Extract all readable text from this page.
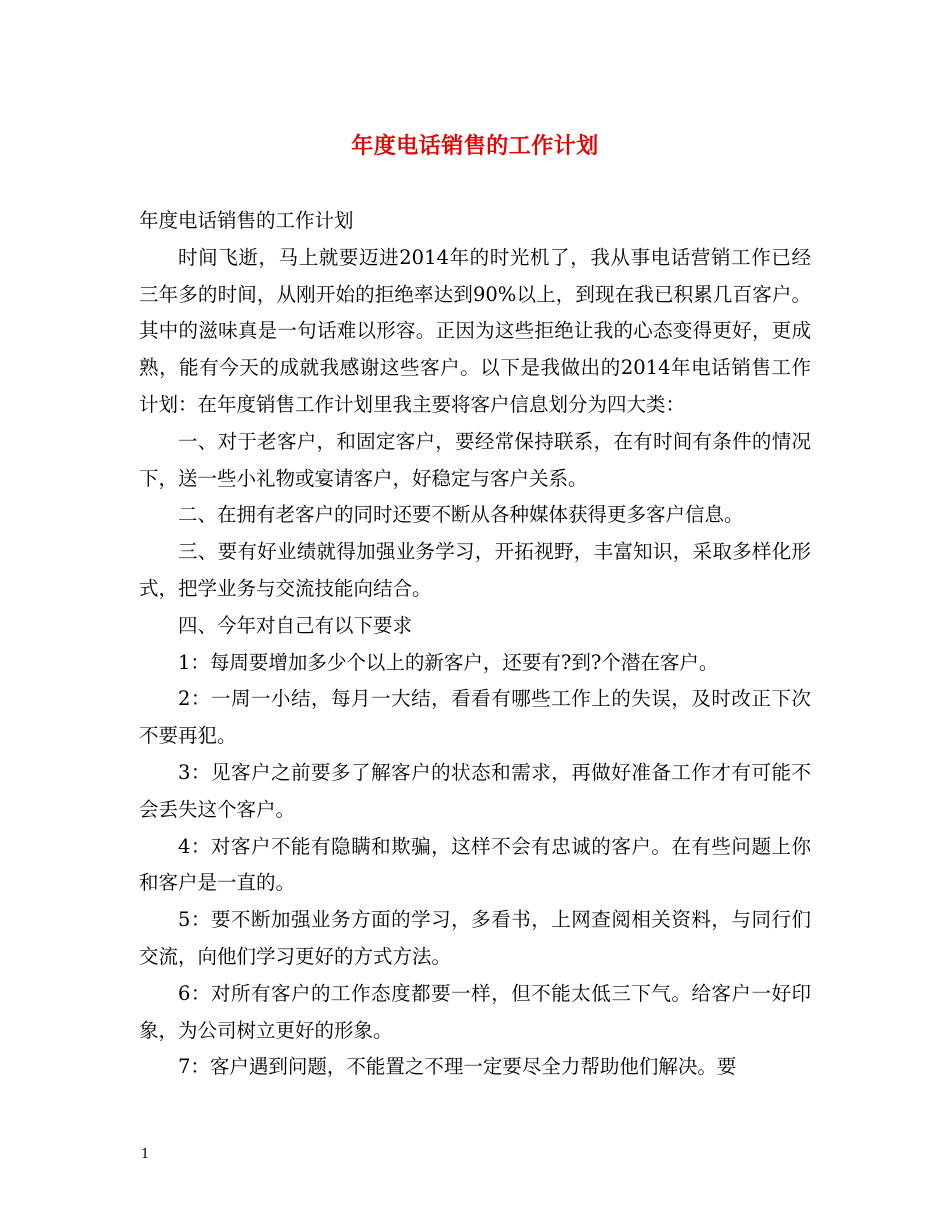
年度电话销售的工作计划

年度电话销售的工作计划

时间飞逝，马上就要迈进2014年的时光机了，我从事电话营销工作已经三年多的时间，从刚开始的拒绝率达到90%以上，到现在我已积累几百客户。其中的滋味真是一句话难以形容。正因为这些拒绝让我的心态变得更好，更成熟，能有今天的成就我感谢这些客户。以下是我做出的2014年电话销售工作计划：在年度销售工作计划里我主要将客户信息划分为四大类：

一、对于老客户，和固定客户，要经常保持联系，在有时间有条件的情况下，送一些小礼物或宴请客户，好稳定与客户关系。

二、在拥有老客户的同时还要不断从各种媒体获得更多客户信息。

三、要有好业绩就得加强业务学习，开拓视野，丰富知识，采取多样化形式，把学业务与交流技能向结合。

四、今年对自己有以下要求

1：每周要增加多少个以上的新客户，还要有?到?个潜在客户。

2：一周一小结，每月一大结，看看有哪些工作上的失误，及时改正下次不要再犯。

3：见客户之前要多了解客户的状态和需求，再做好准备工作才有可能不会丢失这个客户。

4：对客户不能有隐瞒和欺骗，这样不会有忠诚的客户。在有些问题上你和客户是一直的。

5：要不断加强业务方面的学习，多看书，上网查阅相关资料，与同行们交流，向他们学习更好的方式方法。

6：对所有客户的工作态度都要一样，但不能太低三下气。给客户一好印象，为公司树立更好的形象。

7：客户遇到问题，不能置之不理一定要尽全力帮助他们解决。要

1
